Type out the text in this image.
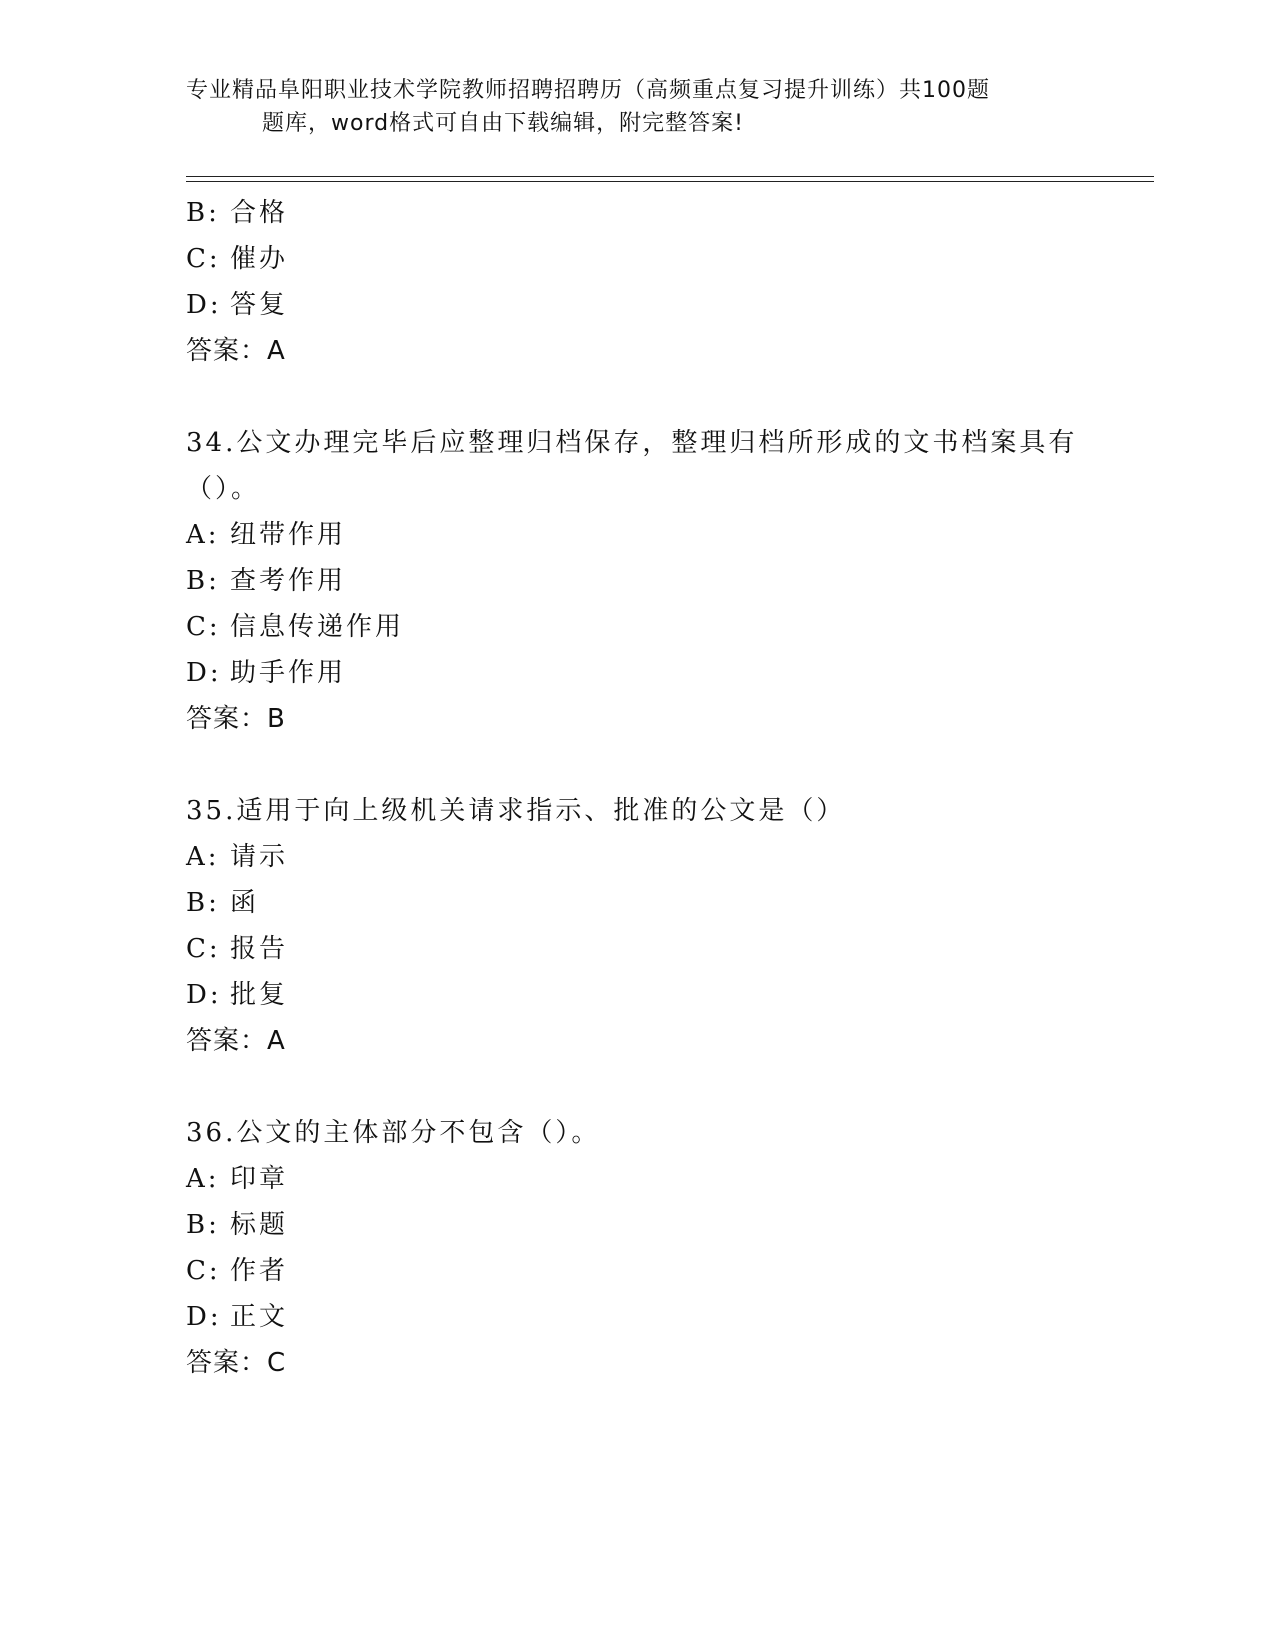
专业精品阜阳职业技术学院教师招聘招聘历（高频重点复习提升训练）共100题
题库，word格式可自由下载编辑，附完整答案!
B: 合格
C: 催办
D: 答复
答案：A
34.公文办理完毕后应整理归档保存，整理归档所形成的文书档案具有
（）。
A: 纽带作用
B: 查考作用
C: 信息传递作用
D: 助手作用
答案：B
35.适用于向上级机关请求指示、批准的公文是（）
A: 请示
B: 函
C: 报告
D: 批复
答案：A
36.公文的主体部分不包含（）。
A: 印章
B: 标题
C: 作者
D: 正文
答案：C
